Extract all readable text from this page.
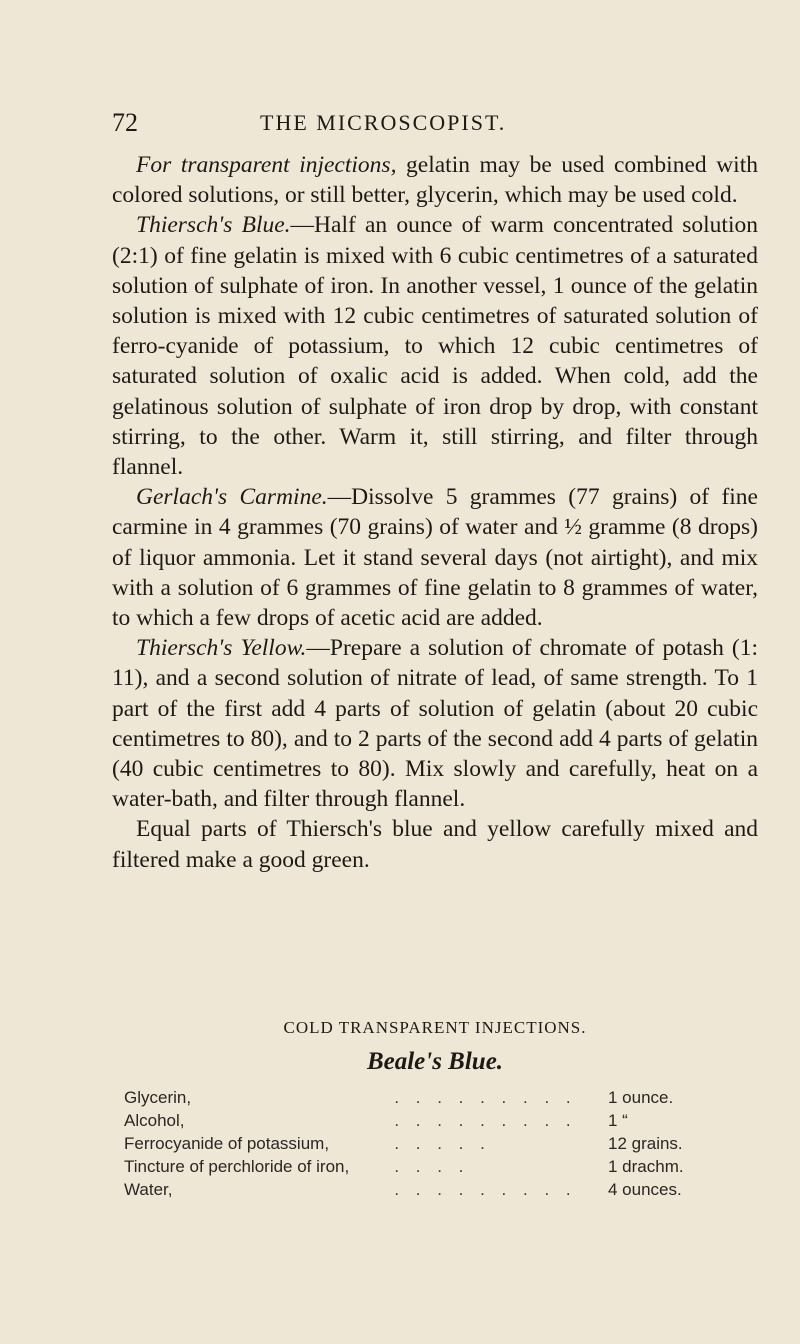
72	THE MICROSCOPIST.

For transparent injections, gelatin may be used combined with colored solutions, or still better, glycerin, which may be used cold.

Thiersch's Blue.—Half an ounce of warm concentrated solution (2:1) of fine gelatin is mixed with 6 cubic centimetres of a saturated solution of sulphate of iron. In another vessel, 1 ounce of the gelatin solution is mixed with 12 cubic centimetres of saturated solution of ferro-cyanide of potassium, to which 12 cubic centimetres of saturated solution of oxalic acid is added. When cold, add the gelatinous solution of sulphate of iron drop by drop, with constant stirring, to the other. Warm it, still stirring, and filter through flannel.

Gerlach's Carmine.—Dissolve 5 grammes (77 grains) of fine carmine in 4 grammes (70 grains) of water and ½ gramme (8 drops) of liquor ammonia. Let it stand several days (not airtight), and mix with a solution of 6 grammes of fine gelatin to 8 grammes of water, to which a few drops of acetic acid are added.

Thiersch's Yellow.—Prepare a solution of chromate of potash (1: 11), and a second solution of nitrate of lead, of same strength. To 1 part of the first add 4 parts of solution of gelatin (about 20 cubic centimetres to 80), and to 2 parts of the second add 4 parts of gelatin (40 cubic centimetres to 80). Mix slowly and carefully, heat on a water-bath, and filter through flannel.

Equal parts of Thiersch's blue and yellow carefully mixed and filtered make a good green.

COLD TRANSPARENT INJECTIONS.

Beale's Blue.

Glycerin,	. . . . . . . . .	1 ounce.
Alcohol,	. . . . . . . . .	1 “
Ferrocyanide of potassium,	. . . . .	12 grains.
Tincture of perchloride of iron,	. . . .	1 drachm.
Water,	. . . . . . . . .	4 ounces.
